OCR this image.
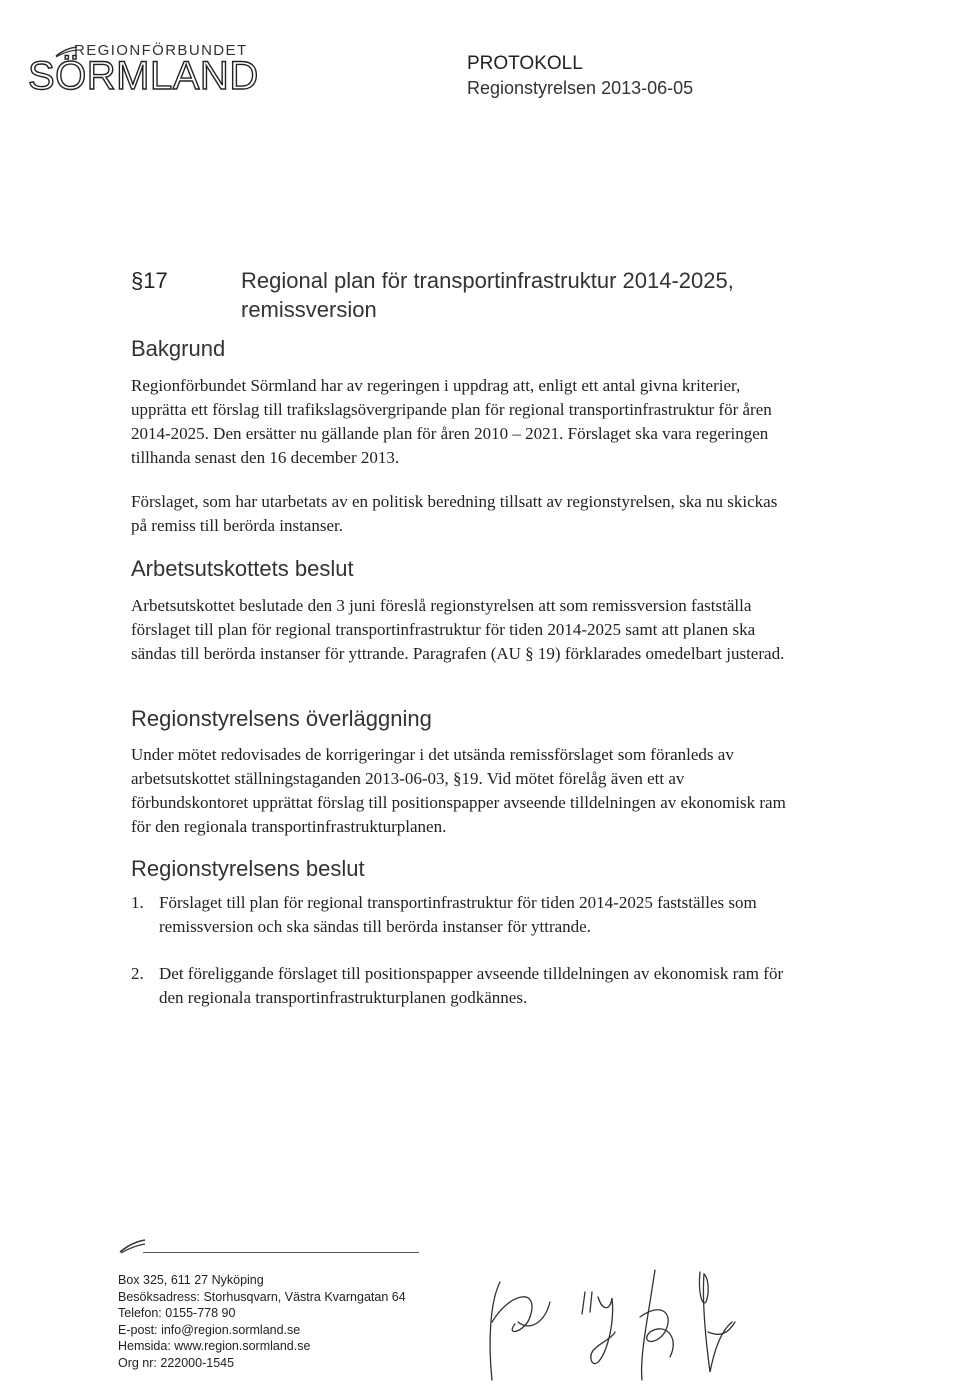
REGIONFÖRBUNDET
SÖRMLAND	PROTOKOLL
Regionstyrelsen 2013-06-05
§17	Regional plan för transportinfrastruktur 2014-2025,
remissversion
Bakgrund
Regionförbundet Sörmland har av regeringen i uppdrag att, enligt ett antal givna kriterier, upprätta ett förslag till trafikslagsövergripande plan för regional transportinfrastruktur för åren 2014-2025. Den ersätter nu gällande plan för åren 2010 – 2021. Förslaget ska vara regeringen tillhanda senast den 16 december 2013.
Förslaget, som har utarbetats av en politisk beredning tillsatt av regionstyrelsen, ska nu skickas på remiss till berörda instanser.
Arbetsutskottets beslut
Arbetsutskottet beslutade den 3 juni föreslå regionstyrelsen att som remissversion fastställa förslaget till plan för regional transportinfrastruktur för tiden 2014-2025 samt att planen ska sändas till berörda instanser för yttrande. Paragrafen (AU § 19) förklarades omedelbart justerad.
Regionstyrelsens överläggning
Under mötet redovisades de korrigeringar i det utsända remissförslaget som föranleds av arbetsutskottet ställningstaganden 2013-06-03, §19. Vid mötet förelåg även ett av förbundskontoret upprättat förslag till positionspapper avseende tilldelningen av ekonomisk ram för den regionala transportinfrastrukturplanen.
Regionstyrelsens beslut
1. Förslaget till plan för regional transportinfrastruktur för tiden 2014-2025 fastställes som remissversion och ska sändas till berörda instanser för yttrande.
2. Det föreliggande förslaget till positionspapper avseende tilldelningen av ekonomisk ram för den regionala transportinfrastrukturplanen godkännes.
Box 325, 611 27 Nyköping
Besöksadress: Storhusqvarn, Västra Kvarngatan 64
Telefon: 0155-778 90
E-post: info@region.sormland.se
Hemsida: www.region.sormland.se
Org nr: 222000-1545
